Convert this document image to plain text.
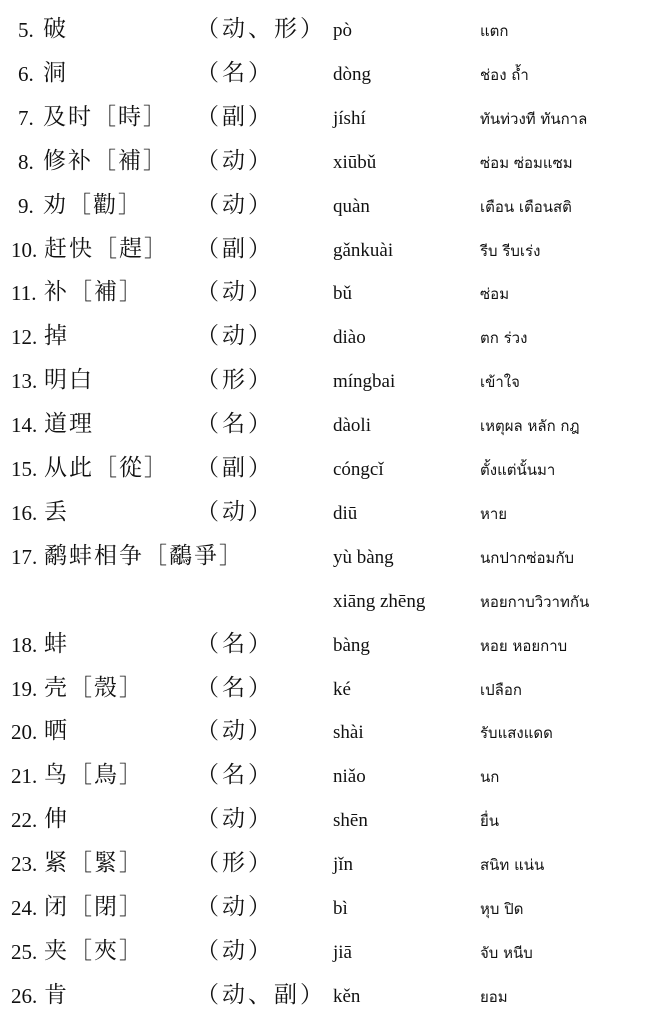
5. 破	（动、形） pò	แตก
6. 洞	（名）	dòng	ช่อง ถ้ำ
7. 及时［時］ （副）	jíshí	ทันท่วงที ทันกาล
8. 修补［補］ （动）	xiūbǔ	ซ่อม ซ่อมแซม
9. 劝［勸］ （动）	quàn	เตือน เตือนสติ
10. 赶快［趕］ （副）	gǎnkuài	รีบ รีบเร่ง
11. 补［補］ （动）	bǔ	ซ่อม
12. 掉	（动）	diào	ตก ร่วง
13. 明白	（形）	míngbai	เข้าใจ
14. 道理	（名）	dàoli	เหตุผล หลัก กฎ
15. 从此［從］ （副）	cóngcǐ	ตั้งแต่นั้นมา
16. 丢	（动）	diū	หาย
17. 鹬蚌相争［鷸爭］	yù bàng	นกปากซ่อมกับ
xiāng zhēng	หอยกาบวิวาทกัน
18. 蚌	（名）	bàng	หอย หอยกาบ
19. 壳［殼］ （名）	ké	เปลือก
20. 晒	（动）	shài	รับแสงแดด
21. 鸟［鳥］ （名）	niǎo	นก
22. 伸	（动）	shēn	ยื่น
23. 紧［緊］ （形）	jǐn	สนิท แน่น
24. 闭［閉］ （动）	bì	หุบ ปิด
25. 夹［夾］ （动）	jiā	จับ หนีบ
26. 肯	（动、副） kěn	ยอม
